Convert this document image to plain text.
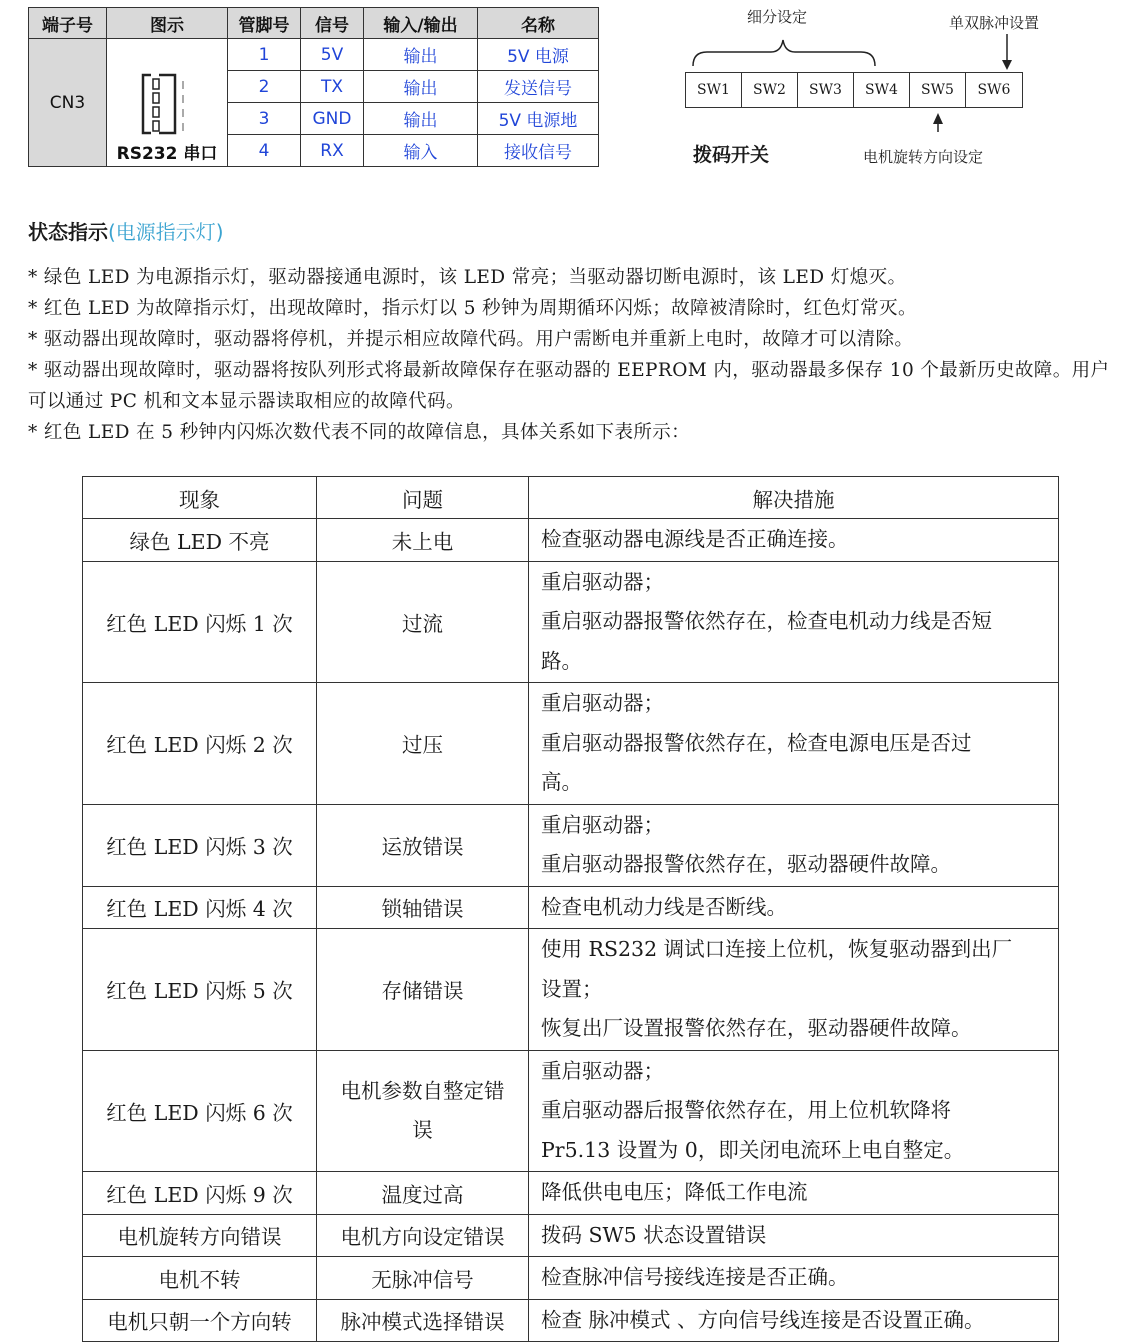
端子号	图示	管脚号	信号	输入/输出	名称
CN3	RS232 串口	1	5V	输出	5V 电源
		2	TX	输出	发送信号
		3	GND	输出	5V 电源地
		4	RX	输入	接收信号
细分设定	单双脉冲设置
SW1	SW2	SW3	SW4	SW5	SW6
拨码开关	电机旋转方向设定
状态指示(电源指示灯)

* 绿色 LED 为电源指示灯，驱动器接通电源时，该 LED 常亮；当驱动器切断电源时，该 LED 灯熄灭。

* 红色 LED 为故障指示灯，出现故障时，指示灯以 5 秒钟为周期循环闪烁；故障被清除时，红色灯常灭。

* 驱动器出现故障时，驱动器将停机，并提示相应故障代码。用户需断电并重新上电时，故障才可以清除。

* 驱动器出现故障时，驱动器将按队列形式将最新故障保存在驱动器的 EEPROM 内，驱动器最多保存 10 个最新历史故障。用户可以通过 PC 机和文本显示器读取相应的故障代码。

* 红色 LED 在 5 秒钟内闪烁次数代表不同的故障信息，具体关系如下表所示：

现象	问题	解决措施
绿色 LED 不亮	未上电	检查驱动器电源线是否正确连接。

红色 LED 闪烁 1 次	过流	重启驱动器；
重启驱动器报警依然存在，检查电机动力线是否短
路。

红色 LED 闪烁 2 次	过压	重启驱动器；
重启驱动器报警依然存在，检查电源电压是否过
高。

红色 LED 闪烁 3 次	运放错误	重启驱动器；
重启驱动器报警依然存在，驱动器硬件故障。

红色 LED 闪烁 4 次	锁轴错误	检查电机动力线是否断线。

红色 LED 闪烁 5 次	存储错误	使用 RS232 调试口连接上位机，恢复驱动器到出厂
设置；
恢复出厂设置报警依然存在，驱动器硬件故障。

红色 LED 闪烁 6 次	电机参数自整定错误	重启驱动器；
重启驱动器后报警依然存在，用上位机软降将
Pr5.13 设置为 0，即关闭电流环上电自整定。

红色 LED 闪烁 9 次	温度过高	降低供电电压；降低工作电流

电机旋转方向错误	电机方向设定错误	拨码 SW5 状态设置错误

电机不转	无脉冲信号	检查脉冲信号接线连接是否正确。

电机只朝一个方向转	脉冲模式选择错误	检查 脉冲模式 、方向信号线连接是否设置正确。
